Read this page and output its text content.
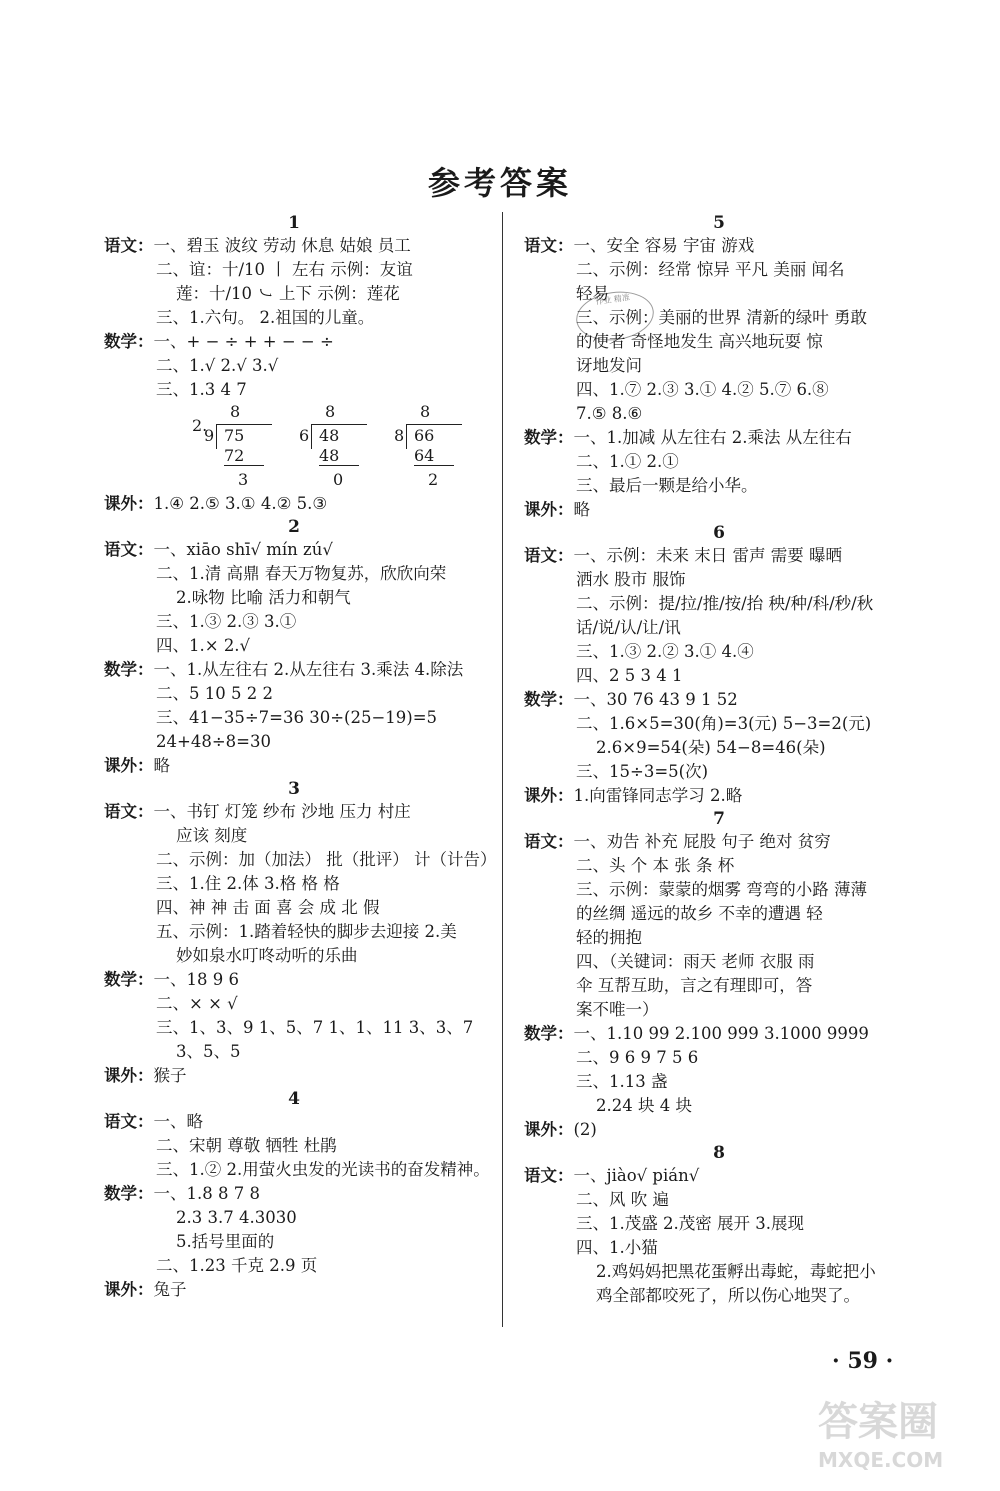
参考答案
作业 精准
1
语文：一、碧玉 波纹 劳动 休息 姑娘 员工
二、谊：十/10 丨 左右 示例：友谊
莲：十/10 ㇃ 上下 示例：莲花
三、1.六句。 2.祖国的儿童。
数学：一、+ − ÷ + + − − ÷
二、1.√ 2.√ 3.√
三、1.3 4 7
2.
8
9 75
72
3
8
6 48
48
0
8
8 66
64
2
课外：1.④ 2.⑤ 3.① 4.② 5.③
2
语文：一、xiāo shī√ mín zú√
二、1.清 高鼎 春天万物复苏，欣欣向荣
2.咏物 比喻 活力和朝气
三、1.③ 2.③ 3.①
四、1.× 2.√
数学：一、1.从左往右 2.从左往右 3.乘法 4.除法
二、5 10 5 2 2
三、41−35÷7=36 30÷(25−19)=5
24+48÷8=30
课外：略
3
语文：一、书钉 灯笼 纱布 沙地 压力 村庄
应该 刻度
二、示例：加（加法） 批（批评） 计（计告）
三、1.住 2.体 3.格 格 格
四、神 神 击 面 喜 会 成 北 假
五、示例：1.踏着轻快的脚步去迎接 2.美
妙如泉水叮咚动听的乐曲
数学：一、18 9 6
二、× × √
三、1、3、9 1、5、7 1、1、11 3、3、7
3、5、5
课外：猴子
4
语文：一、略
二、宋朝 尊敬 牺牲 杜鹃
三、1.② 2.用萤火虫发的光读书的奋发精神。
数学：一、1.8 8 7 8
2.3 3.7 4.3030
5.括号里面的
二、1.23 千克 2.9 页
课外：兔子
5
语文：一、安全 容易 宇宙 游戏
二、示例：经常 惊异 平凡 美丽 闻名
轻易
三、示例：美丽的世界 清新的绿叶 勇敢
的使者 奇怪地发生 高兴地玩耍 惊
讶地发问
四、1.⑦ 2.③ 3.① 4.② 5.⑦ 6.⑧
7.⑤ 8.⑥
数学：一、1.加减 从左往右 2.乘法 从左往右
二、1.① 2.①
三、最后一颗是给小华。
课外：略
6
语文：一、示例：未来 末日 雷声 需要 曝晒
洒水 股市 服饰
二、示例：提/拉/推/按/抬 秧/种/科/秒/秋
话/说/认/让/讯
三、1.③ 2.② 3.① 4.④
四、2 5 3 4 1
数学：一、30 76 43 9 1 52
二、1.6×5=30(角)=3(元) 5−3=2(元)
2.6×9=54(朵) 54−8=46(朵)
三、15÷3=5(次)
课外：1.向雷锋同志学习 2.略
7
语文：一、劝告 补充 屁股 句子 绝对 贫穷
二、头 个 本 张 条 杯
三、示例：蒙蒙的烟雾 弯弯的小路 薄薄
的丝绸 遥远的故乡 不幸的遭遇 轻
轻的拥抱
四、（关键词：雨天 老师 衣服 雨
伞 互帮互助，言之有理即可，答
案不唯一）
数学：一、1.10 99 2.100 999 3.1000 9999
二、9 6 9 7 5 6
三、1.13 盏
2.24 块 4 块
课外：(2)
8
语文：一、jiào√ pián√
二、风 吹 遍
三、1.茂盛 2.茂密 展开 3.展现
四、1.小猫
2.鸡妈妈把黑花蛋孵出毒蛇，毒蛇把小
鸡全部都咬死了，所以伤心地哭了。
· 59 ·
答案圈
MXQE.COM
